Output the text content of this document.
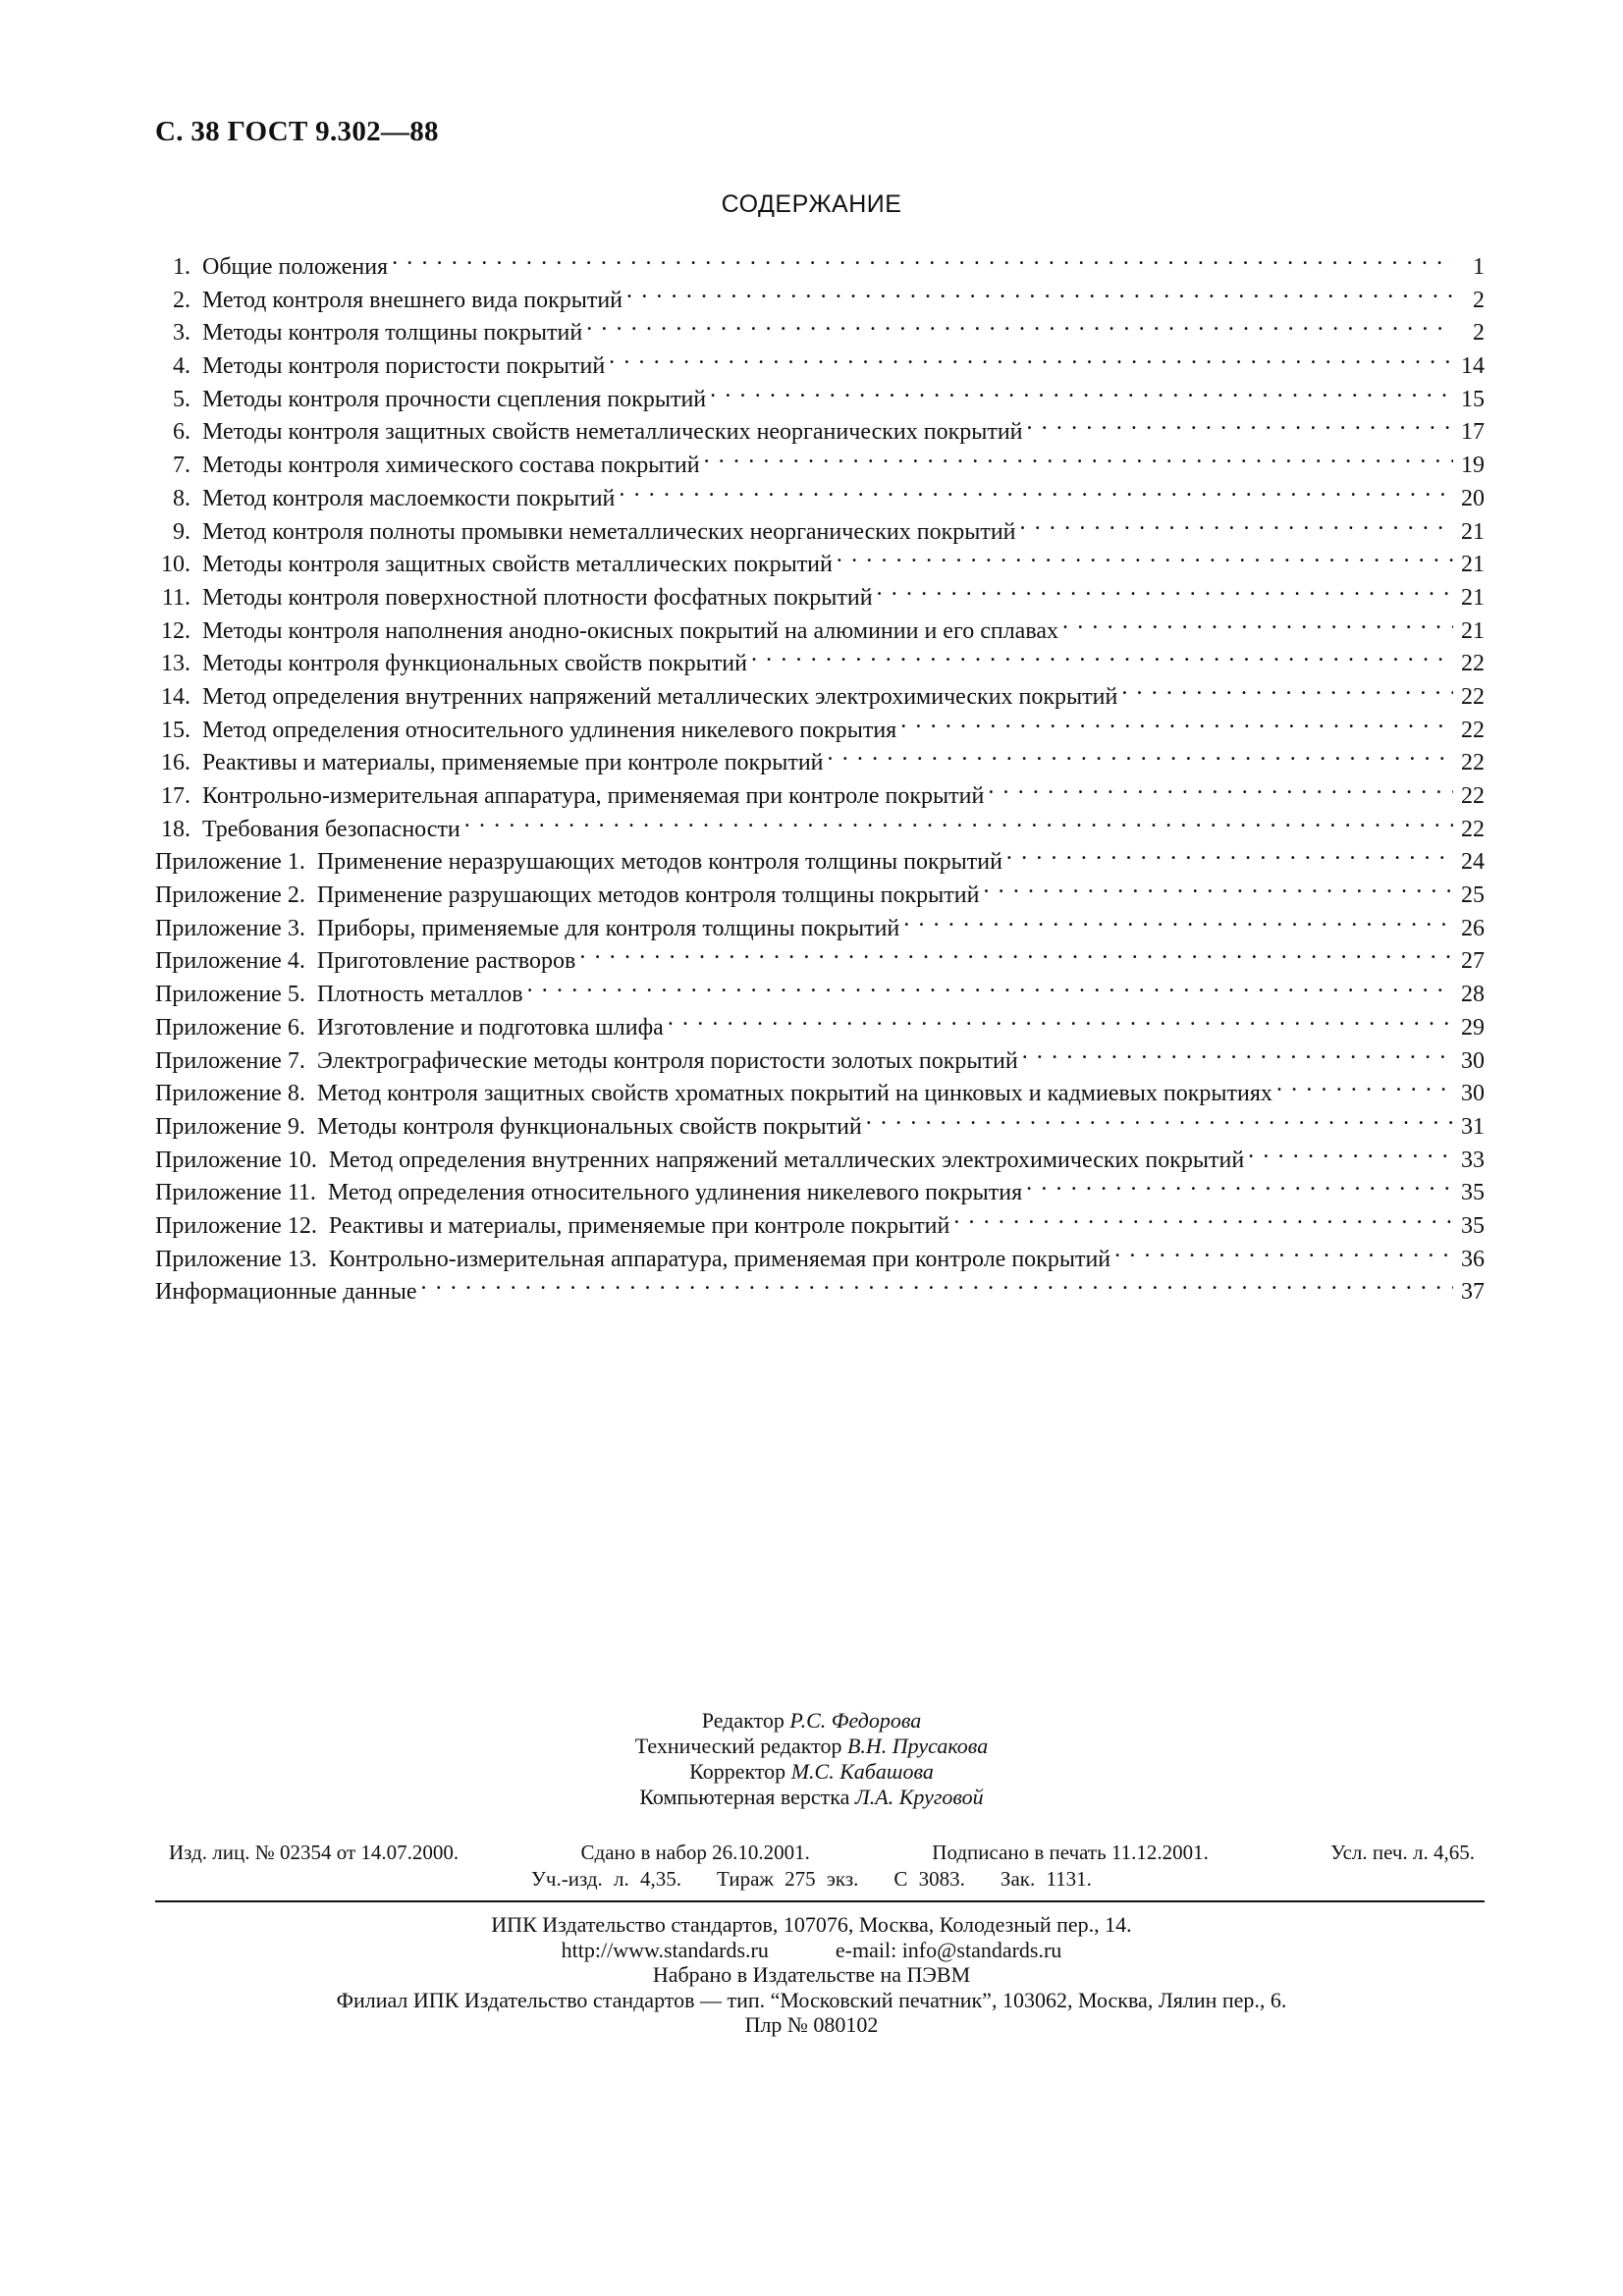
С. 38 ГОСТ 9.302—88
СОДЕРЖАНИЕ
1. Общие положения . . .	1
2. Метод контроля внешнего вида покрытий . . .	2
3. Методы контроля толщины покрытий . . .	2
4. Методы контроля пористости покрытий . . .	14
5. Методы контроля прочности сцепления покрытий . . .	15
6. Методы контроля защитных свойств неметаллических неорганических покрытий . . .	17
7. Методы контроля химического состава покрытий . . .	19
8. Метод контроля маслоемкости покрытий . . .	20
9. Метод контроля полноты промывки неметаллических неорганических покрытий . . .	21
10. Методы контроля защитных свойств металлических покрытий . . .	21
11. Методы контроля поверхностной плотности фосфатных покрытий . . .	21
12. Методы контроля наполнения анодно-окисных покрытий на алюминии и его сплавах . . .	21
13. Методы контроля функциональных свойств покрытий . . .	22
14. Метод определения внутренних напряжений металлических электрохимических покрытий . . .	22
15. Метод определения относительного удлинения никелевого покрытия . . .	22
16. Реактивы и материалы, применяемые при контроле покрытий . . .	22
17. Контрольно-измерительная аппаратура, применяемая при контроле покрытий . . .	22
18. Требования безопасности . . .	22
Приложение 1.  Применение неразрушающих методов контроля толщины покрытий . . .	24
Приложение 2.  Применение разрушающих методов контроля толщины покрытий . . .	25
Приложение 3.  Приборы, применяемые для контроля толщины покрытий . . .	26
Приложение 4.  Приготовление растворов . . .	27
Приложение 5.  Плотность металлов . . .	28
Приложение 6.  Изготовление и подготовка шлифа . . .	29
Приложение 7.  Электрографические методы контроля пористости золотых покрытий . . .	30
Приложение 8.  Метод контроля защитных свойств хроматных покрытий на цинковых и кадмиевых покрытиях . . .	30
Приложение 9.  Методы контроля функциональных свойств покрытий . . .	31
Приложение 10.  Метод определения внутренних напряжений металлических электрохимических покрытий . . .	33
Приложение 11.  Метод определения относительного удлинения никелевого покрытия . . .	35
Приложение 12.  Реактивы и материалы, применяемые при контроле покрытий . . .	35
Приложение 13.  Контрольно-измерительная аппаратура, применяемая при контроле покрытий . . .	36
Информационные данные . . .	37
Редактор Р.С. Федорова
Технический редактор В.Н. Прусакова
Корректор М.С. Кабашова
Компьютерная верстка Л.А. Круговой
Изд. лиц. № 02354 от 14.07.2000.	Сдано в набор 26.10.2001.	Подписано в печать 11.12.2001.	Усл. печ. л. 4,65.
Уч.-изд. л. 4,35. Тираж 275 экз. С 3083. Зак. 1131.
ИПК Издательство стандартов, 107076, Москва, Колодезный пер., 14.
http://www.standards.ru	e-mail: info@standards.ru
Набрано в Издательстве на ПЭВМ
Филиал ИПК Издательство стандартов — тип. “Московский печатник”, 103062, Москва, Лялин пер., 6.
Плр № 080102
